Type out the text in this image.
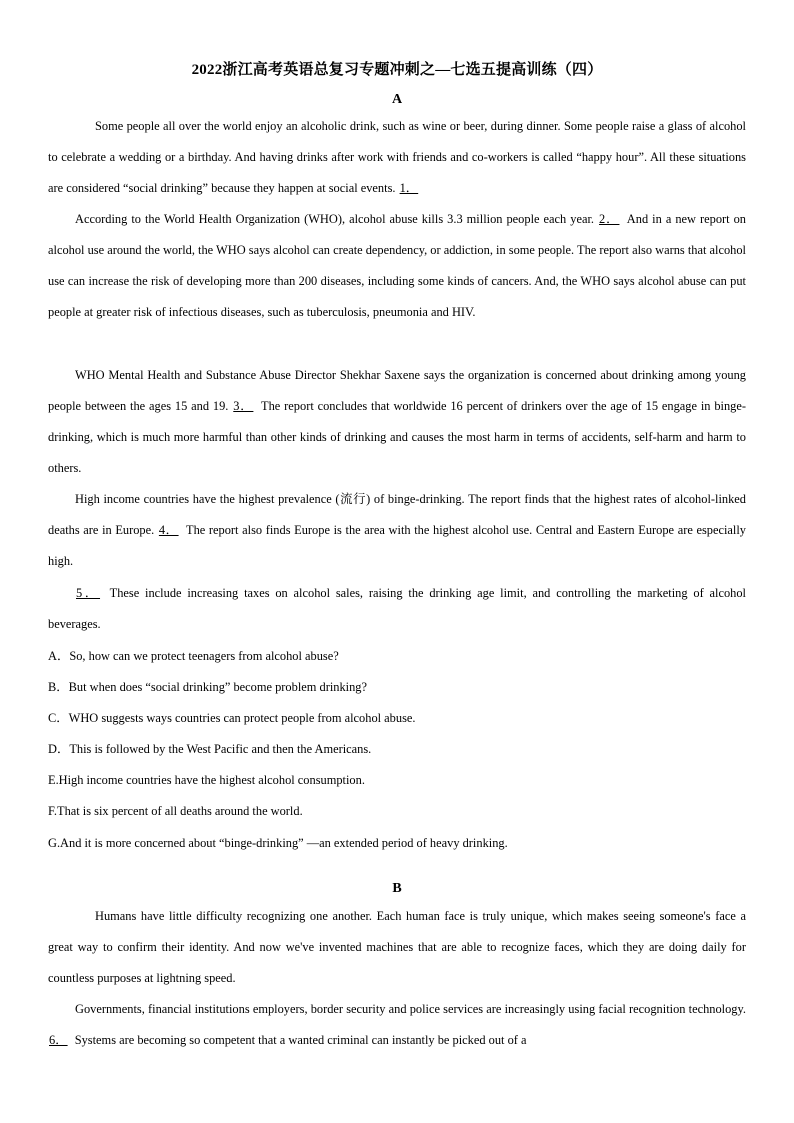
2022浙江高考英语总复习专题冲刺之—七选五提高训练（四）
A

Some people all over the world enjoy an alcoholic drink, such as wine or beer, during dinner. Some people raise a glass of alcohol to celebrate a wedding or a birthday. And having drinks after work with friends and co-workers is called “happy hour”. All these situations are considered “social drinking” because they happen at social events. 1．

According to the World Health Organization (WHO), alcohol abuse kills 3.3 million people each year. 2． And in a new report on alcohol use around the world, the WHO says alcohol can create dependency, or addiction, in some people. The report also warns that alcohol use can increase the risk of developing more than 200 diseases, including some kinds of cancers. And, the WHO says alcohol abuse can put people at greater risk of infectious diseases, such as tuberculosis, pneumonia and HIV.

WHO Mental Health and Substance Abuse Director Shekhar Saxene says the organization is concerned about drinking among young people between the ages 15 and 19. 3． The report concludes that worldwide 16 percent of drinkers over the age of 15 engage in binge-drinking, which is much more harmful than other kinds of drinking and causes the most harm in terms of accidents, self-harm and harm to others.

High income countries have the highest prevalence (流行) of binge-drinking. The report finds that the highest rates of alcohol-linked deaths are in Europe. 4． The report also finds Europe is the area with the highest alcohol use. Central and Eastern Europe are especially high.

5． These include increasing taxes on alcohol sales, raising the drinking age limit, and controlling the marketing of alcohol beverages.

A．So, how can we protect teenagers from alcohol abuse?
B．But when does “social drinking” become problem drinking?
C．WHO suggests ways countries can protect people from alcohol abuse.
D．This is followed by the West Pacific and then the Americans.
E.High income countries have the highest alcohol consumption.
F.That is six percent of all deaths around the world.
G.And it is more concerned about “binge-drinking” —an extended period of heavy drinking.
B

Humans have little difficulty recognizing one another. Each human face is truly unique, which makes seeing someone's face a great way to confirm their identity. And now we've invented machines that are able to recognize faces, which they are doing daily for countless purposes at lightning speed.

Governments, financial institutions employers, border security and police services are increasingly using facial recognition technology. 6． Systems are becoming so competent that a wanted criminal can instantly be picked out of a
